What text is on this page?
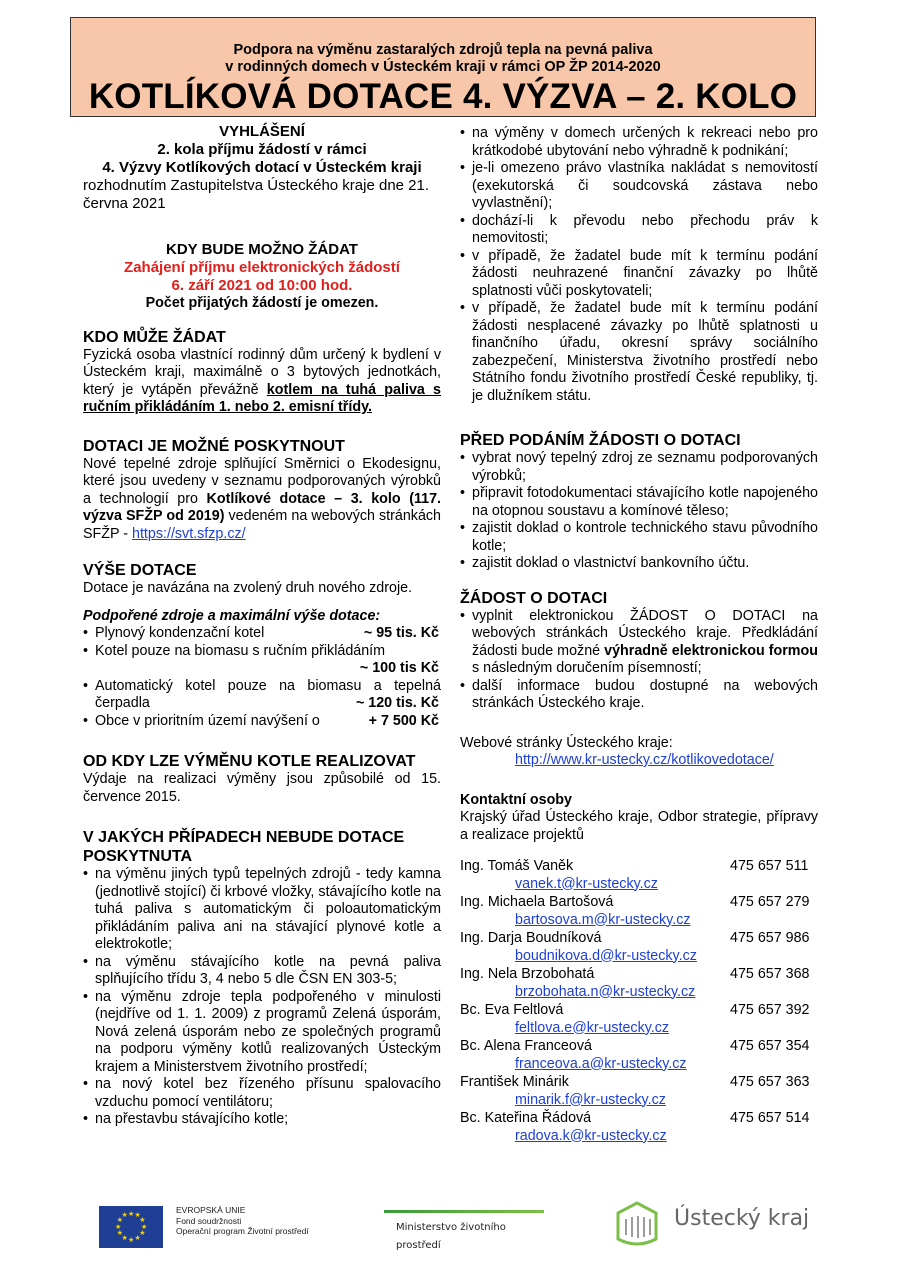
Podpora na výměnu zastaralých zdrojů tepla na pevná paliva
v rodinných domech v Ústeckém kraji v rámci OP ŽP 2014-2020
KOTLÍKOVÁ DOTACE 4. VÝZVA – 2. KOLO
VYHLÁŠENÍ
2. kola příjmu žádostí v rámci
4. Výzvy Kotlíkových dotací v Ústeckém kraji
rozhodnutím Zastupitelstva Ústeckého kraje dne 21. června 2021
KDY BUDE MOŽNO ŽÁDAT
Zahájení příjmu elektronických žádostí
6. září 2021 od 10:00 hod.
Počet přijatých žádostí je omezen.
KDO MŮŽE ŽÁDAT
Fyzická osoba vlastnící rodinný dům určený k bydlení v Ústeckém kraji, maximálně o 3 bytových jednotkách, který je vytápěn převážně kotlem na tuhá paliva s ručním přikládáním 1. nebo 2. emisní třídy.
DOTACI JE MOŽNÉ POSKYTNOUT
Nové tepelné zdroje splňující Směrnici o Ekodesignu, které jsou uvedeny v seznamu podporovaných výrobků a technologií pro Kotlíkové dotace – 3. kolo (117. výzva SFŽP od 2019) vedeném na webových stránkách SFŽP - https://svt.sfzp.cz/
VÝŠE DOTACE
Dotace je navázána na zvolený druh nového zdroje.
Podpořené zdroje a maximální výše dotace:
• Plynový kondenzační kotel	~ 95 tis. Kč
• Kotel pouze na biomasu s ručním přikládáním
~ 100 tis Kč
• Automatický kotel pouze na biomasu a tepelná čerpadla	~ 120 tis. Kč
• Obce v prioritním území navýšení o	+ 7 500 Kč
OD KDY LZE VÝMĚNU KOTLE REALIZOVAT
Výdaje na realizaci výměny jsou způsobilé od 15. července 2015.
V JAKÝCH PŘÍPADECH NEBUDE DOTACE POSKYTNUTA
• na výměnu jiných typů tepelných zdrojů - tedy kamna (jednotlivě stojící) či krbové vložky, stávajícího kotle na tuhá paliva s automatickým či poloautomatickým přikládáním paliva ani na stávající plynové kotle a elektrokotle;
• na výměnu stávajícího kotle na pevná paliva splňujícího třídu 3, 4 nebo 5 dle ČSN EN 303-5;
• na výměnu zdroje tepla podpořeného v minulosti (nejdříve od 1. 1. 2009) z programů Zelená úsporám, Nová zelená úsporám nebo ze společných programů na podporu výměny kotlů realizovaných Ústeckým krajem a Ministerstvem životního prostředí;
• na nový kotel bez řízeného přísunu spalovacího vzduchu pomocí ventilátoru;
• na přestavbu stávajícího kotle;
• na výměny v domech určených k rekreaci nebo pro krátkodobé ubytování nebo výhradně k podnikání;
• je-li omezeno právo vlastníka nakládat s nemovitostí (exekutorská či soudcovská zástava nebo vyvlastnění);
• dochází-li k převodu nebo přechodu práv k nemovitosti;
• v případě, že žadatel bude mít k termínu podání žádosti neuhrazené finanční závazky po lhůtě splatnosti vůči poskytovateli;
• v případě, že žadatel bude mít k termínu podání žádosti nesplacené závazky po lhůtě splatnosti u finančního úřadu, okresní správy sociálního zabezpečení, Ministerstva životního prostředí nebo Státního fondu životního prostředí České republiky, tj. je dlužníkem státu.
PŘED PODÁNÍM ŽÁDOSTI O DOTACI
• vybrat nový tepelný zdroj ze seznamu podporovaných výrobků;
• připravit fotodokumentaci stávajícího kotle napojeného na otopnou soustavu a komínové těleso;
• zajistit doklad o kontrole technického stavu původního kotle;
• zajistit doklad o vlastnictví bankovního účtu.
ŽÁDOST O DOTACI
• vyplnit elektronickou ŽÁDOST O DOTACI na webových stránkách Ústeckého kraje. Předkládání žádosti bude možné výhradně elektronickou formou s následným doručením písemností;
• další informace budou dostupné na webových stránkách Ústeckého kraje.
Webové stránky Ústeckého kraje:
http://www.kr-ustecky.cz/kotlikovedotace/
Kontaktní osoby
Krajský úřad Ústeckého kraje, Odbor strategie, přípravy a realizace projektů
Ing. Tomáš Vaněk	475 657 511
vanek.t@kr-ustecky.cz	
Ing. Michaela Bartošová	475 657 279
bartosova.m@kr-ustecky.cz	
Ing. Darja Boudníková	475 657 986
boudnikova.d@kr-ustecky.cz	
Ing. Nela Brzobohatá	475 657 368
brzobohata.n@kr-ustecky.cz	
Bc. Eva Feltlová	475 657 392
feltlova.e@kr-ustecky.cz	
Bc. Alena Franceová	475 657 354
franceova.a@kr-ustecky.cz	
František Minárik	475 657 363
minarik.f@kr-ustecky.cz	
Bc. Kateřina Řádová	475 657 514
radova.k@kr-ustecky.cz	
★
★
★
★
★
★
★
★
★ ★ ★
★
EVROPSKÁ UNIE
Fond soudržnosti
Operační program Životní prostředí	Ministerstvo životního prostředí
Ústecký kraj
